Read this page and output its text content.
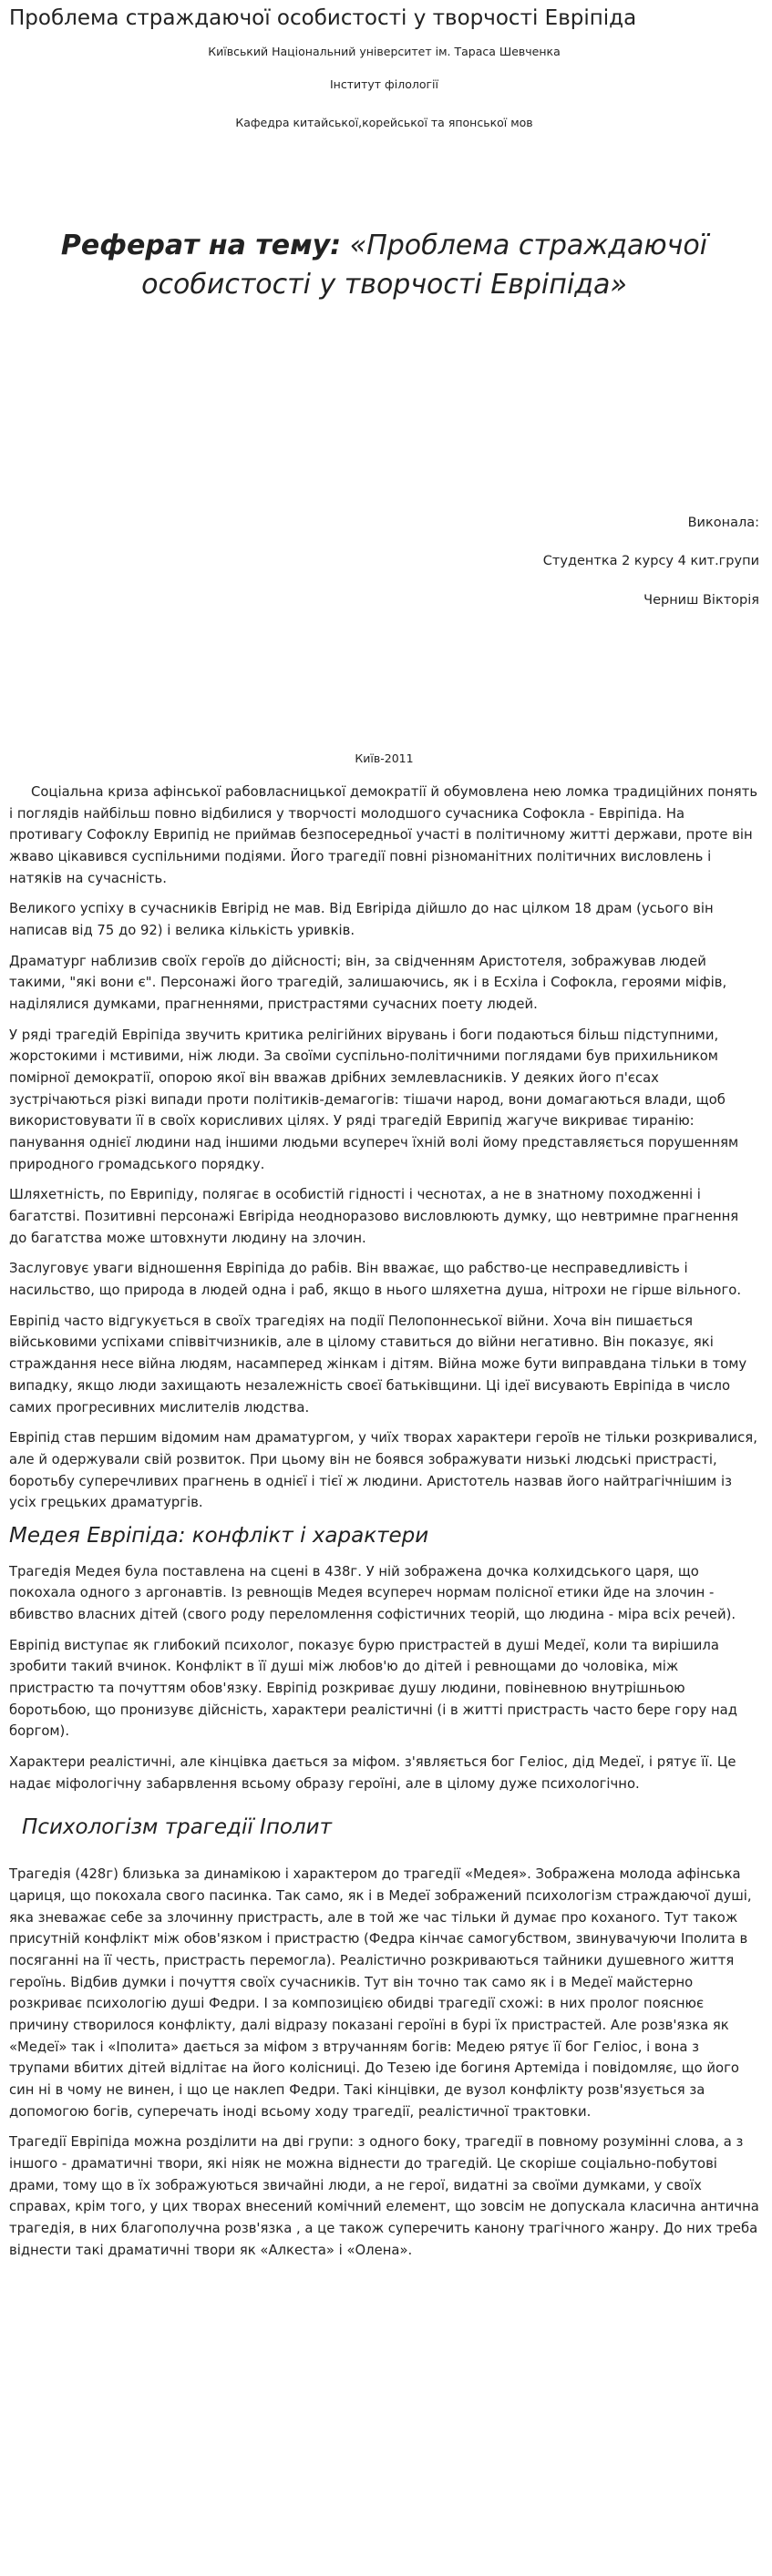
Проблема страждаючої особистості у творчості Евріпіда
Київський Національний університет ім. Тараса Шевченка
Інститут філології
Кафедра китайської,корейської та японської мов
Реферат на тему: «Проблема страждаючої особистості у творчості Евріпіда»
Виконала:
Студентка 2 курсу 4 кит.групи
Черниш Вікторія
Київ-2011

Соціальна криза афінської рабовласницької демократії й обумовлена нею ломка традиційних понять і поглядів найбільш повно відбилися у творчості молодшого сучасника Софокла - Евріпіда. На противагу Софоклу Еврипід не приймав безпосередньої участі в політичному житті держави, проте він жваво цікавився суспільними подіями. Його трагедії повні різноманітних політичних висловлень і натяків на сучасність.

Великого успіху в сучасників Евripід не мав. Від Евripіда дійшло до нас цілком 18 драм (усього він написав від 75 до 92) і велика кількість уривків.

Драматург наблизив своїх героїв до дійсності; він, за свідченням Аристотеля, зображував людей такими, "які вони є". Персонажі його трагедій, залишаючись, як і в Есхіла і Софокла, героями міфів, наділялися думками, прагненнями, пристрастями сучасних поету людей.

У ряді трагедій Евріпіда звучить критика релігійних вірувань і боги подаються більш підступними, жорстокими і мстивими, ніж люди. За своїми суспільно-політичними поглядами був прихильником помірної демократії, опорою якої він вважав дрібних землевласників. У деяких його п'єсах зустрічаються різкі випади проти політиків-демагогів: тішачи народ, вони домагаються влади, щоб використовувати її в своїх корисливих цілях. У ряді трагедій Еврипід жагуче викриває тиранію: панування однієї людини над іншими людьми всупереч їхній волі йому представляється порушенням природного громадського порядку.

Шляхетність, по Еврипіду, полягає в особистій гідності і чеснотах, а не в знатному походженні і багатстві. Позитивні персонажі Евripіда неодноразово висловлюють думку, що невтримне прагнення до багатства може штовхнути людину на злочин.

Заслуговує уваги відношення Евріпіда до рабів. Він вважає, що рабство-це несправедливість і насильство, що природа в людей одна і раб, якщо в нього шляхетна душа, нітрохи не гірше вільного.

Еврiпід часто відгукується в своїх трагедіях на події Пелопоннеської війни. Хоча він пишається військовими успіхами співвітчизників, але в цілому ставиться до війни негативно. Він показує, які страждання несе війна людям, насамперед жінкам і дітям. Війна може бути виправдана тільки в тому випадку, якщо люди захищають незалежність своєї батьківщини. Ці ідеї висувають Евріпіда в число самих прогресивних мислителів людства.

Евріпід став першим відомим нам драматургом, у чиїх творах характери героїв не тільки розкривалися, але й одержували свій розвиток. При цьому він не боявся зображувати низькі людські пристрасті, боротьбу суперечливих прагнень в однієї і тієї ж людини. Аристотель назвав його найтрагічнішим із усіх грецьких драматургів.

Медея Евріпіда: конфлікт і характери

Трагедія Медея була поставлена на сцені в 438г. У ній зображена дочка колхидського царя, що покохала одного з аргонавтів. Із ревнощів Медея всупереч нормам полісної етики йде на злочин - вбивство власних дітей (свого роду переломлення софістичних теорій, що людина - міра всіх речей).

Евріпід виступає як глибокий психолог, показує бурю пристрастей в душі Медеї, коли та вирішила зробити такий вчинок. Конфлікт в її душі між любов'ю до дітей і ревнощами до чоловіка, між пристрастю та почуттям обов'язку. Евріпід розкриває душу людини, повіневною внутрішньою боротьбою, що пронизувє дійсність, характери реалістичні (і в житті пристрасть часто бере гору над боргом).

Характери реалістичні, але кінцівка дається за міфом. з'являється бог Геліос, дід Медеї, і рятує її. Це надає міфологічну забарвлення всьому образу героїні, але в цілому дуже психологічно.

Психологізм трагедії Іполит

Трагедія (428г) близька за динамікою і характером до трагедії «Медея». Зображена молода афінська цариця, що покохала свого пасинка. Так само, як і в Медеї зображений психологізм страждаючої душі, яка зневажає себе за злочинну пристрасть, але в той же час тільки й думає про коханого. Тут також присутній конфлікт між обов'язком і пристрастю (Федра кінчає самогубством, звинувачуючи Іполита в посяганні на її честь, пристрасть перемогла). Реалістично розкриваються тайники душевного життя героїнь. Відбив думки і почуття своїх сучасників. Тут він точно так само як і в Медеї майстерно розкриває психологію душі Федри. І за композицією обидві трагедії схожі: в них пролог пояснює причину створилося конфлікту, далі відразу показані героїні в бурі їх пристрастей. Але розв'язка як «Медеї» так і «Іполита» дається за міфом з втручанням богів: Медею рятує її бог Геліос, і вона з трупами вбитих дітей відлітає на його колісниці. До Тезею іде богиня Артеміда і повідомляє, що його син ні в чому не винен, і що це наклеп Федри. Такі кінцівки, де вузол конфлікту розв'язується за допомогою богів, суперечать іноді всьому ходу трагедії, реалістичної трактовки.

Трагедії Евріпіда можна розділити на дві групи: з одного боку, трагедії в повному розумінні слова, а з іншого - драматичні твори, які ніяк не можна віднести до трагедій. Це скоріше соціально-побутові драми, тому що в їх зображуються звичайні люди, а не герої, видатні за своїми думками, у своїх справах, крім того, у цих творах внесений комічний елемент, що зовсім не допускала класична антична трагедія, в них благополучна розв'язка , а це також суперечить канону трагічного жанру. До них треба віднести такі драматичні твори як «Алкеста» і «Олена».
